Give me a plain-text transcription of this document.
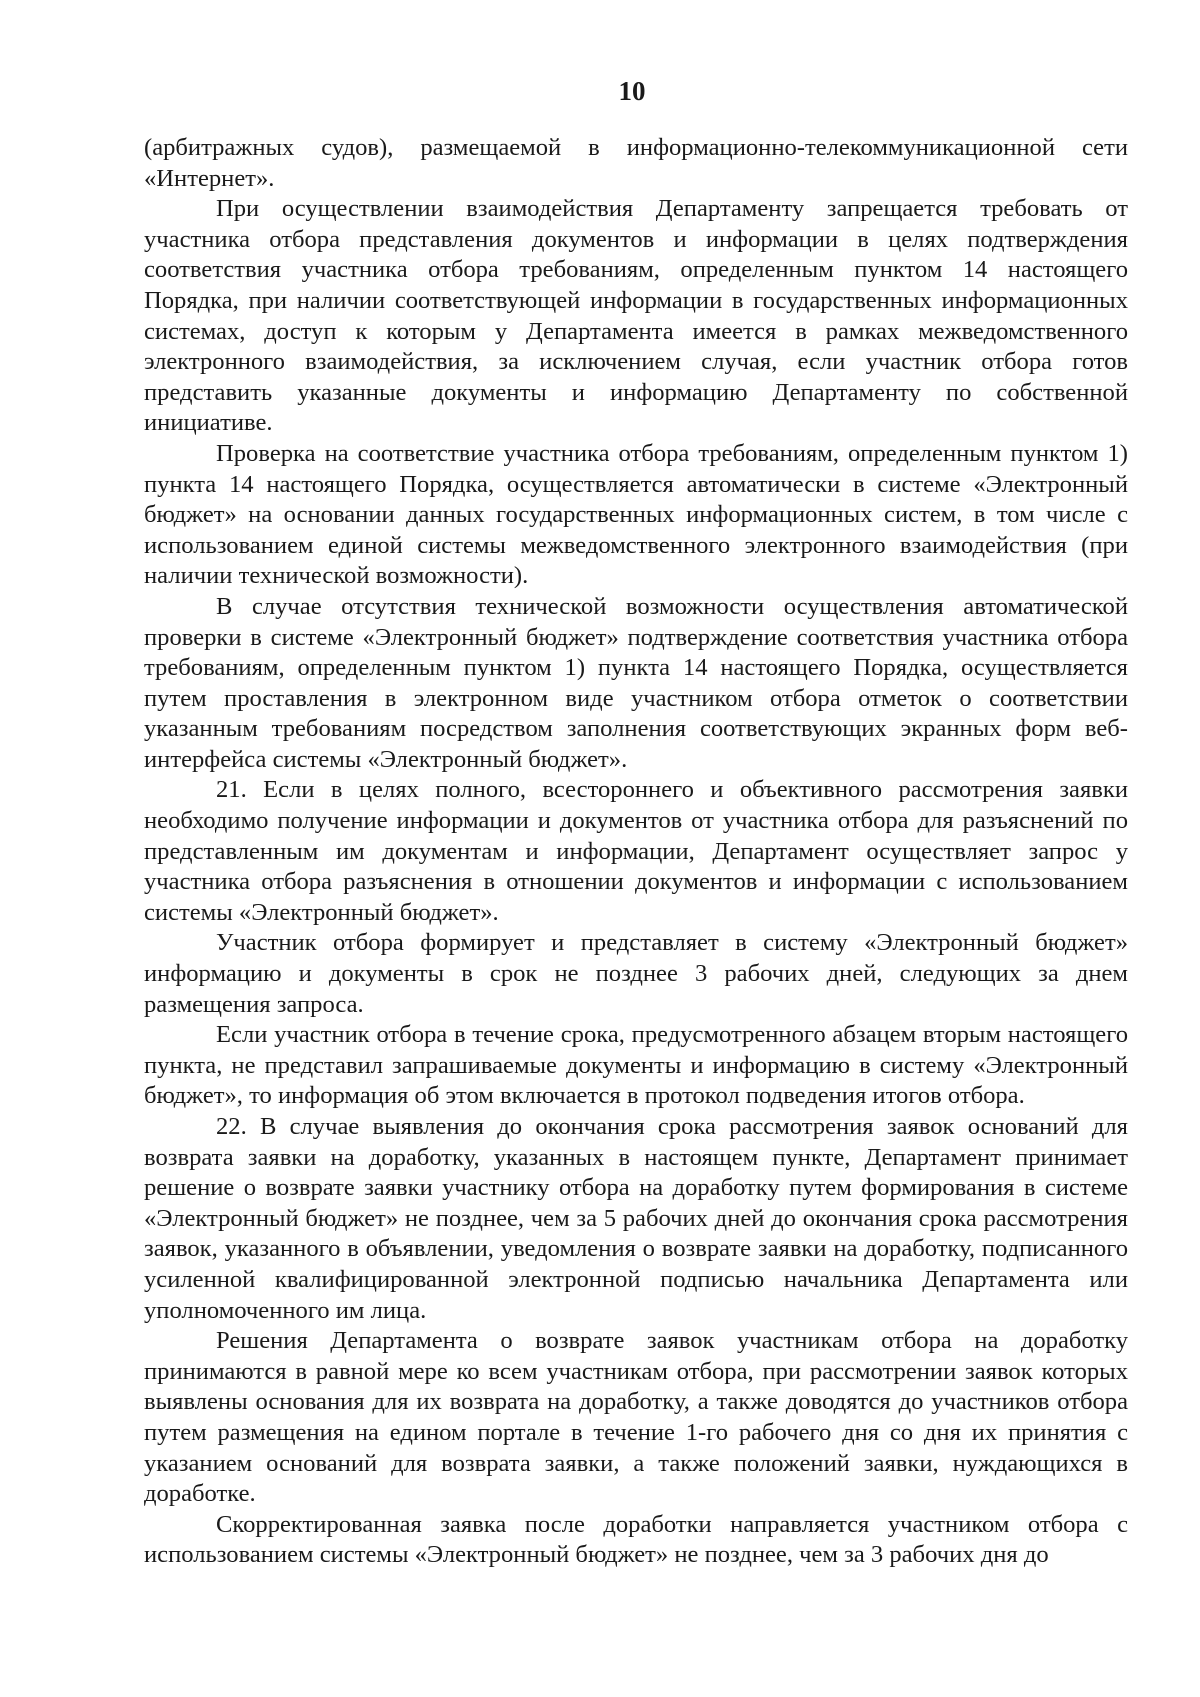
10

(арбитражных судов), размещаемой в информационно-телекоммуникационной сети «Интернет».

При осуществлении взаимодействия Департаменту запрещается требовать от участника отбора представления документов и информации в целях подтверждения соответствия участника отбора требованиям, определенным пунктом 14 настоящего Порядка, при наличии соответствующей информации в государственных информационных системах, доступ к которым у Департамента имеется в рамках межведомственного электронного взаимодействия, за исключением случая, если участник отбора готов представить указанные документы и информацию Департаменту по собственной инициативе.

Проверка на соответствие участника отбора требованиям, определенным пунктом 1) пункта 14 настоящего Порядка, осуществляется автоматически в системе «Электронный бюджет» на основании данных государственных информационных систем, в том числе с использованием единой системы межведомственного электронного взаимодействия (при наличии технической возможности).

В случае отсутствия технической возможности осуществления автоматической проверки в системе «Электронный бюджет» подтверждение соответствия участника отбора требованиям, определенным пунктом 1) пункта 14 настоящего Порядка, осуществляется путем проставления в электронном виде участником отбора отметок о соответствии указанным требованиям посредством заполнения соответствующих экранных форм веб-интерфейса системы «Электронный бюджет».

21. Если в целях полного, всестороннего и объективного рассмотрения заявки необходимо получение информации и документов от участника отбора для разъяснений по представленным им документам и информации, Департамент осуществляет запрос у участника отбора разъяснения в отношении документов и информации с использованием системы «Электронный бюджет».

Участник отбора формирует и представляет в систему «Электронный бюджет» информацию и документы в срок не позднее 3 рабочих дней, следующих за днем размещения запроса.

Если участник отбора в течение срока, предусмотренного абзацем вторым настоящего пункта, не представил запрашиваемые документы и информацию в систему «Электронный бюджет», то информация об этом включается в протокол подведения итогов отбора.

22. В случае выявления до окончания срока рассмотрения заявок оснований для возврата заявки на доработку, указанных в настоящем пункте, Департамент принимает решение о возврате заявки участнику отбора на доработку путем формирования в системе «Электронный бюджет» не позднее, чем за 5 рабочих дней до окончания срока рассмотрения заявок, указанного в объявлении, уведомления о возврате заявки на доработку, подписанного усиленной квалифицированной электронной подписью начальника Департамента или уполномоченного им лица.

Решения Департамента о возврате заявок участникам отбора на доработку принимаются в равной мере ко всем участникам отбора, при рассмотрении заявок которых выявлены основания для их возврата на доработку, а также доводятся до участников отбора путем размещения на едином портале в течение 1-го рабочего дня со дня их принятия с указанием оснований для возврата заявки, а также положений заявки, нуждающихся в доработке.

Скорректированная заявка после доработки направляется участником отбора с использованием системы «Электронный бюджет» не позднее, чем за 3 рабочих дня до
